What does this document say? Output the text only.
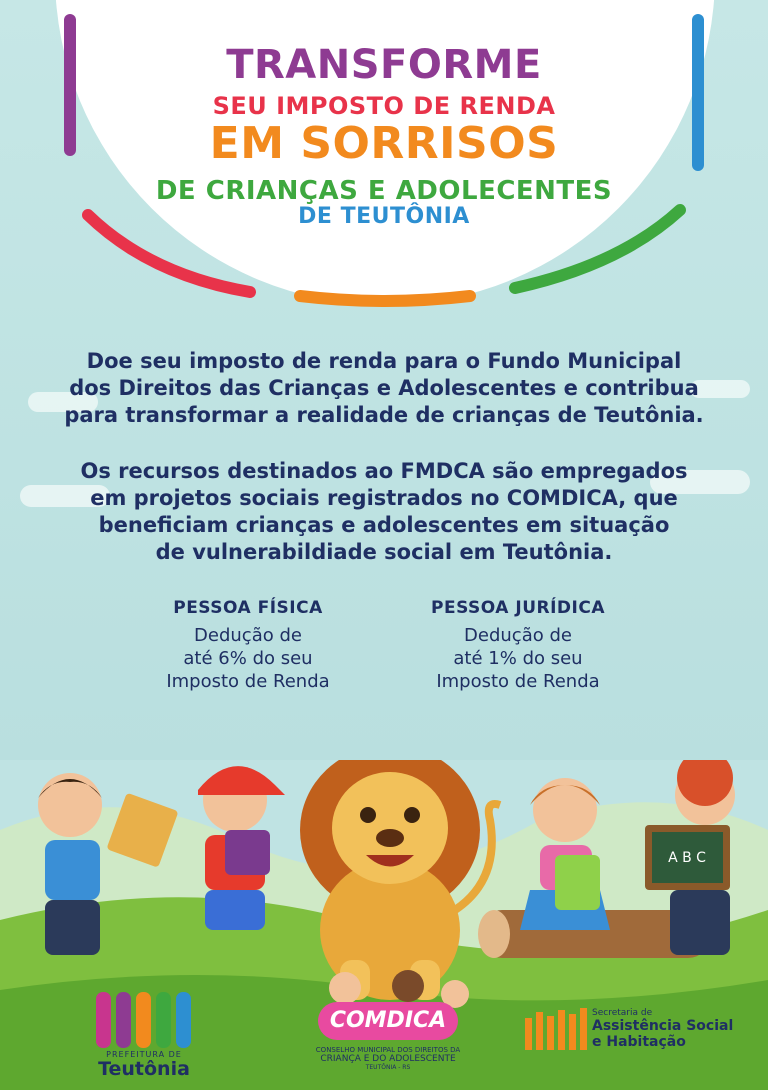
TRANSFORME
SEU IMPOSTO DE RENDA
EM SORRISOS
DE CRIANÇAS E ADOLECENTES
DE TEUTÔNIA
Doe seu imposto de renda para o Fundo Municipal
dos Direitos das Crianças e Adolescentes e contribua
para transformar a realidade de crianças de Teutônia.
Os recursos destinados ao FMDCA são empregados
em projetos sociais registrados no COMDICA, que
beneficiam crianças e adolescentes em situação
de vulnerabildiade social em Teutônia.
PESSOA FÍSICA
Dedução de
até 6% do seu
Imposto de Renda
PESSOA JURÍDICA
Dedução de
até 1% do seu
Imposto de Renda
A B C
PREFEITURA DE
Teutônia
COMDICA
CONSELHO MUNICIPAL DOS DIREITOS DA
CRIANÇA E DO ADOLESCENTE
TEUTÔNIA - RS
Secretaria de
Assistência Social
e Habitação
